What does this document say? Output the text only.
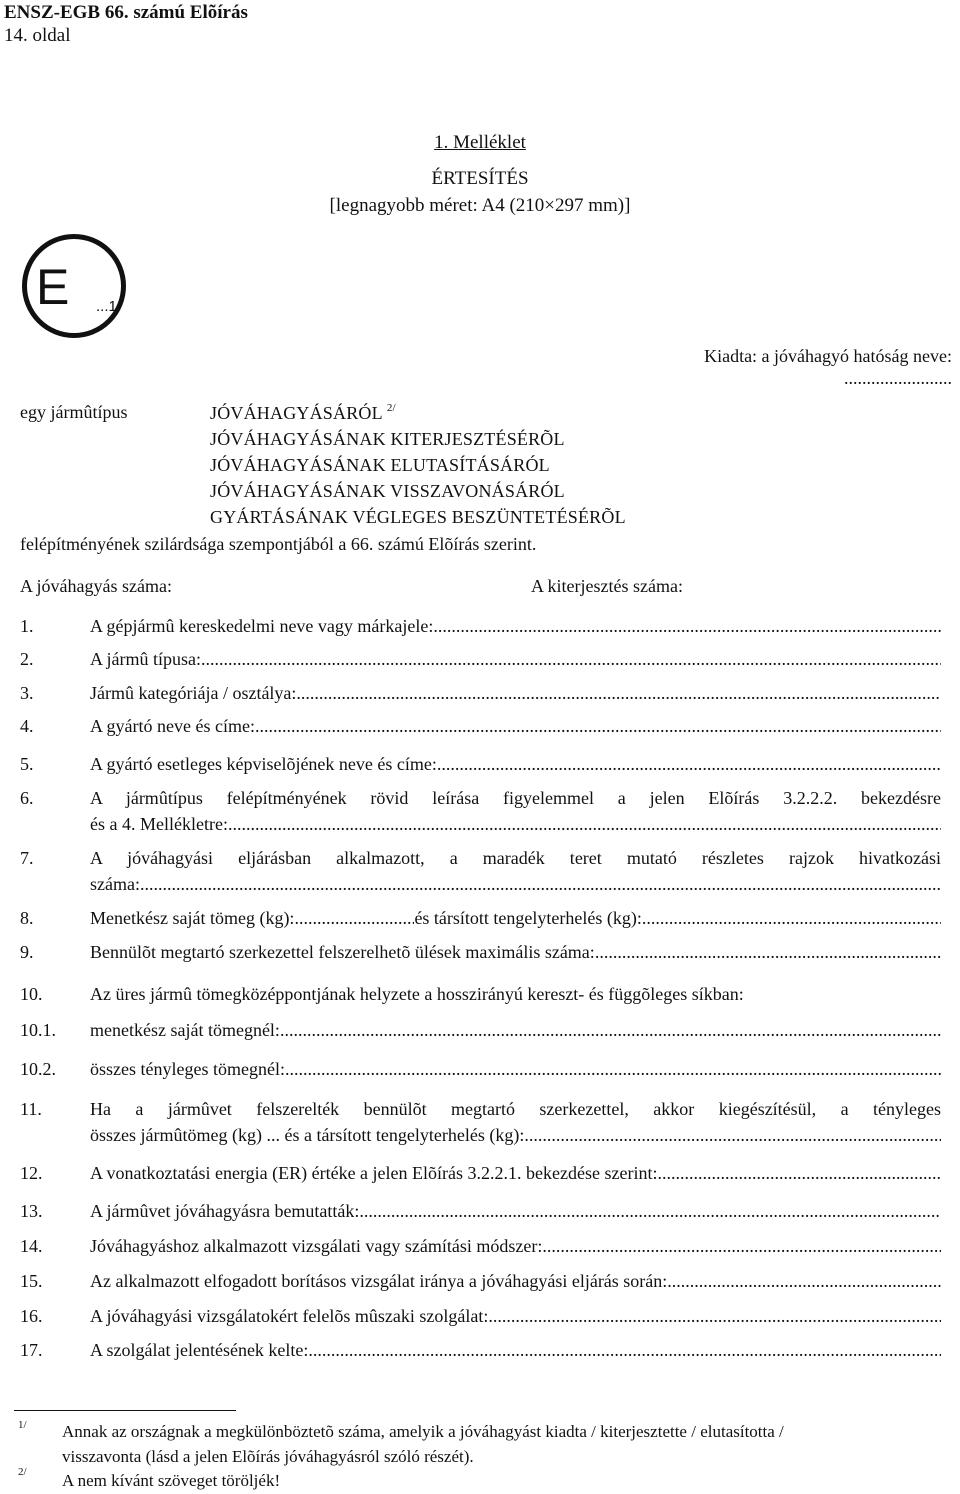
ENSZ-EGB 66. számú Elõírás
14. oldal
1. Melléklet
ÉRTESÍTÉS
[legnagyobb méret: A4 (210×297 mm)]
E ...1/
Kiadta: a jóváhagyó hatóság neve:
........................
egy jármûtípus	JÓVÁHAGYÁSÁRÓL $^{2/}$
JÓVÁHAGYÁSÁNAK KITERJESZTÉSÉRÕL
JÓVÁHAGYÁSÁNAK ELUTASÍTÁSÁRÓL
JÓVÁHAGYÁSÁNAK VISSZAVONÁSÁRÓL
GYÁRTÁSÁNAK VÉGLEGES BESZÜNTETÉSÉRÕL
felépítményének szilárdsága szempontjából a 66. számú Elõírás szerint.
A jóváhagyás száma:	A kiterjesztés száma:
1.	A gépjármû kereskedelmi neve vagy márkajele:
.....
2.	A jármû típusa:
.....
3.	Jármû kategóriája / osztálya:
.....
4.	A gyártó neve és címe:
.....
5.	A gyártó esetleges képviselõjének neve és címe:
.....
6.	A jármûtípus felépítményének rövid leírása figyelemmel a jelen Elõírás 3.2.2.2. bekezdésre
és a 4. Mellékletre:
.....
7.	A jóváhagyási eljárásban alkalmazott, a maradék teret mutató részletes rajzok hivatkozási
száma:
.....
8.	Menetkész saját tömeg (kg):
.....	és társított tengelyterhelés (kg):
.....
9.	Bennülõt megtartó szerkezettel felszerelhetõ ülések maximális száma:
.....
10.	Az üres jármû tömegközéppontjának helyzete a hosszirányú kereszt- és függõleges síkban:
10.1. menetkész saját tömegnél:
.....
10.2. összes tényleges tömegnél:
.....
11.	Ha a jármûvet felszerelték bennülõt megtartó szerkezettel, akkor kiegészítésül, a tényleges
összes jármûtömeg (kg) ... és a társított tengelyterhelés (kg):
.....
12.	A vonatkoztatási energia (ER) értéke a jelen Elõírás 3.2.2.1. bekezdése szerint:
.....
13.	A jármûvet jóváhagyásra bemutatták:
.....
14.	Jóváhagyáshoz alkalmazott vizsgálati vagy számítási módszer:
.....
15.	Az alkalmazott elfogadott borításos vizsgálat iránya a jóváhagyási eljárás során:
.....
16.	A jóváhagyási vizsgálatokért felelõs mûszaki szolgálat:
.....
17.	A szolgálat jelentésének kelte:
.....
1/ Annak az országnak a megkülönböztetõ száma, amelyik a jóváhagyást kiadta / kiterjesztette / elutasította /
visszavonta (lásd a jelen Elõírás jóváhagyásról szóló részét).
2/ A nem kívánt szöveget töröljék!
